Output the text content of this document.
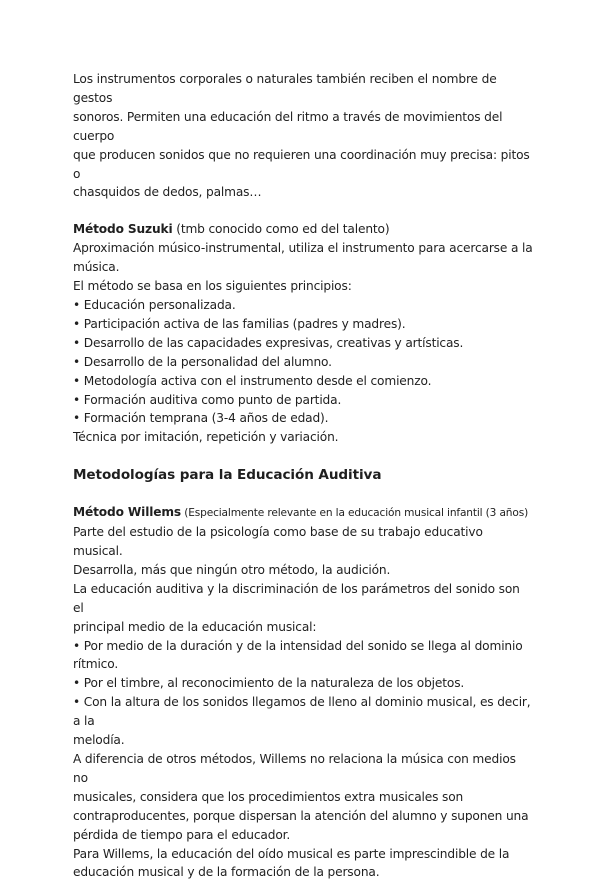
Los instrumentos corporales o naturales también reciben el nombre de gestos

sonoros. Permiten una educación del ritmo a través de movimientos del cuerpo

que producen sonidos que no requieren una coordinación muy precisa: pitos o

chasquidos de dedos, palmas…

Método Suzuki (tmb conocido como ed del talento)

Aproximación músico-instrumental, utiliza el instrumento para acercarse a la

música.

El método se basa en los siguientes principios:

• Educación personalizada.

• Participación activa de las familias (padres y madres).

• Desarrollo de las capacidades expresivas, creativas y artísticas.

• Desarrollo de la personalidad del alumno.

• Metodología activa con el instrumento desde el comienzo.

• Formación auditiva como punto de partida.

• Formación temprana (3-4 años de edad).

Técnica por imitación, repetición y variación.

Metodologías para la Educación Auditiva

Método Willems (Especialmente relevante en la educación musical infantil (3 años)

Parte del estudio de la psicología como base de su trabajo educativo musical.

Desarrolla, más que ningún otro método, la audición.

La educación auditiva y la discriminación de los parámetros del sonido son el

principal medio de la educación musical:

• Por medio de la duración y de la intensidad del sonido se llega al dominio

rítmico.

• Por el timbre, al reconocimiento de la naturaleza de los objetos.

• Con la altura de los sonidos llegamos de lleno al dominio musical, es decir, a la

melodía.

A diferencia de otros métodos, Willems no relaciona la música con medios no

musicales, considera que los procedimientos extra musicales son

contraproducentes, porque dispersan la atención del alumno y suponen una

pérdida de tiempo para el educador.

Para Willems, la educación del oído musical es parte imprescindible de la

educación musical y de la formación de la persona.
